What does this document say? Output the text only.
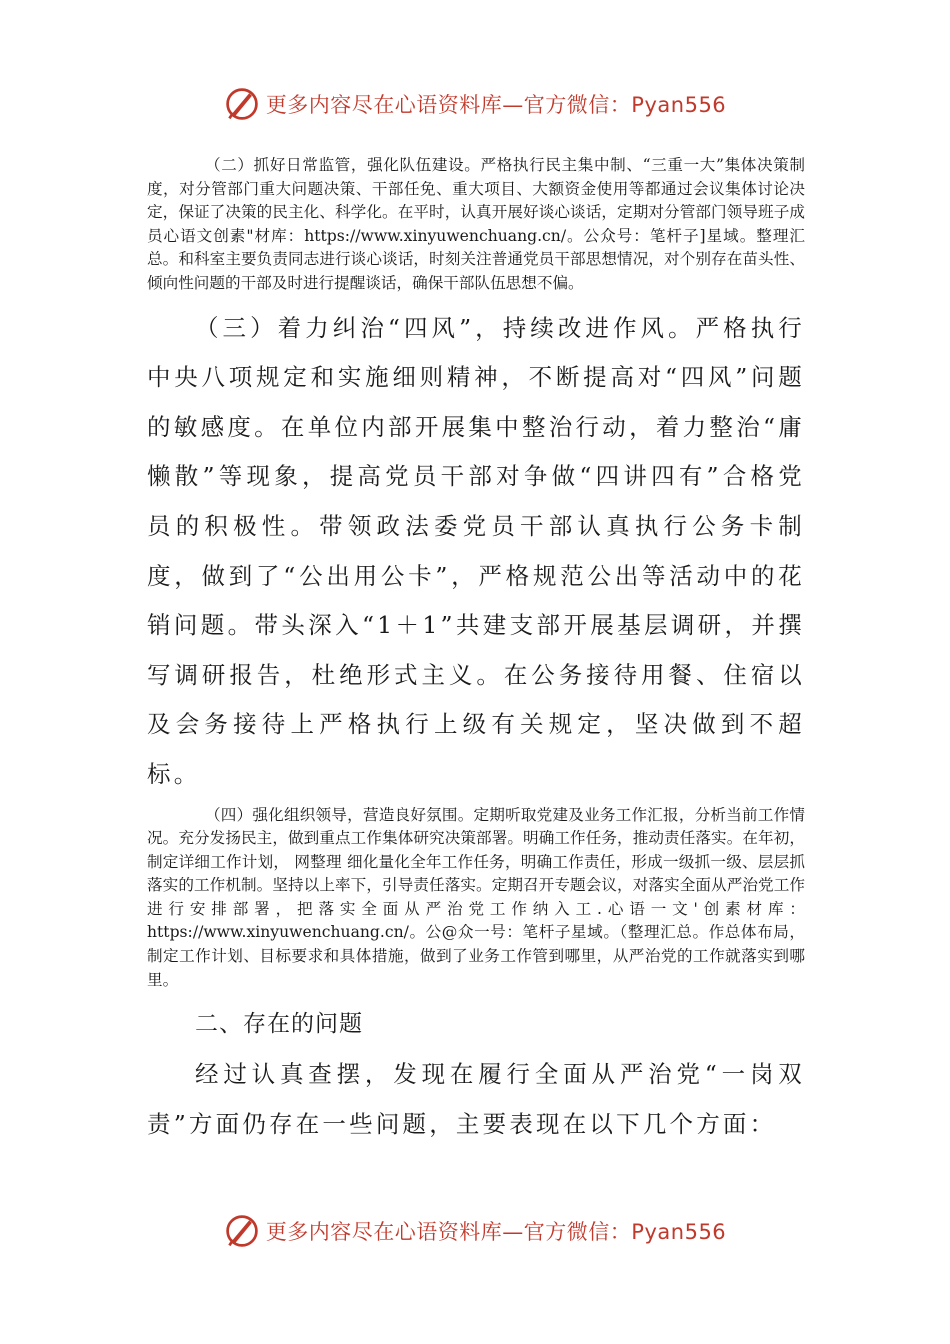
更多内容尽在心语资料库—官方微信：Pyan556

（二）抓好日常监管，强化队伍建设。严格执行民主集中制、“三重一大”集体决策制度，对分管部门重大问题决策、干部任免、重大项目、大额资金使用等都通过会议集体讨论决定，保证了决策的民主化、科学化。在平时，认真开展好谈心谈话，定期对分管部门领导班子成员心语文创素"材库：https://www.xinyuwenchuang.cn/。公众号：笔杆子]星域。整理汇总。和科室主要负责同志进行谈心谈话，时刻关注普通党员干部思想情况，对个别存在苗头性、倾向性问题的干部及时进行提醒谈话，确保干部队伍思想不偏。

（三）着力纠治“四风”，持续改进作风。严格执行中央八项规定和实施细则精神，不断提高对“四风”问题的敏感度。在单位内部开展集中整治行动，着力整治“庸懒散”等现象，提高党员干部对争做“四讲四有”合格党员的积极性。带领政法委党员干部认真执行公务卡制度，做到了“公出用公卡”，严格规范公出等活动中的花销问题。带头深入“1＋1”共建支部开展基层调研，并撰写调研报告，杜绝形式主义。在公务接待用餐、住宿以及会务接待上严格执行上级有关规定，坚决做到不超标。

（四）强化组织领导，营造良好氛围。定期听取党建及业务工作汇报，分析当前工作情况。充分发扬民主，做到重点工作集体研究决策部署。明确工作任务，推动责任落实。在年初，制定详细工作计划， 网整理 细化量化全年工作任务，明确工作责任，形成一级抓一级、层层抓落实的工作机制。坚持以上率下，引导责任落实。定期召开专题会议，对落实全面从严治党工作进行安排部署，把落实全面从严治党工作纳入工.心语一文'创素材库：https://www.xinyuwenchuang.cn/。公@众一号：笔杆子星域。（整理汇总。作总体布局，制定工作计划、目标要求和具体措施，做到了业务工作管到哪里，从严治党的工作就落实到哪里。

二、存在的问题

经过认真查摆，发现在履行全面从严治党“一岗双责”方面仍存在一些问题，主要表现在以下几个方面：

更多内容尽在心语资料库—官方微信：Pyan556
